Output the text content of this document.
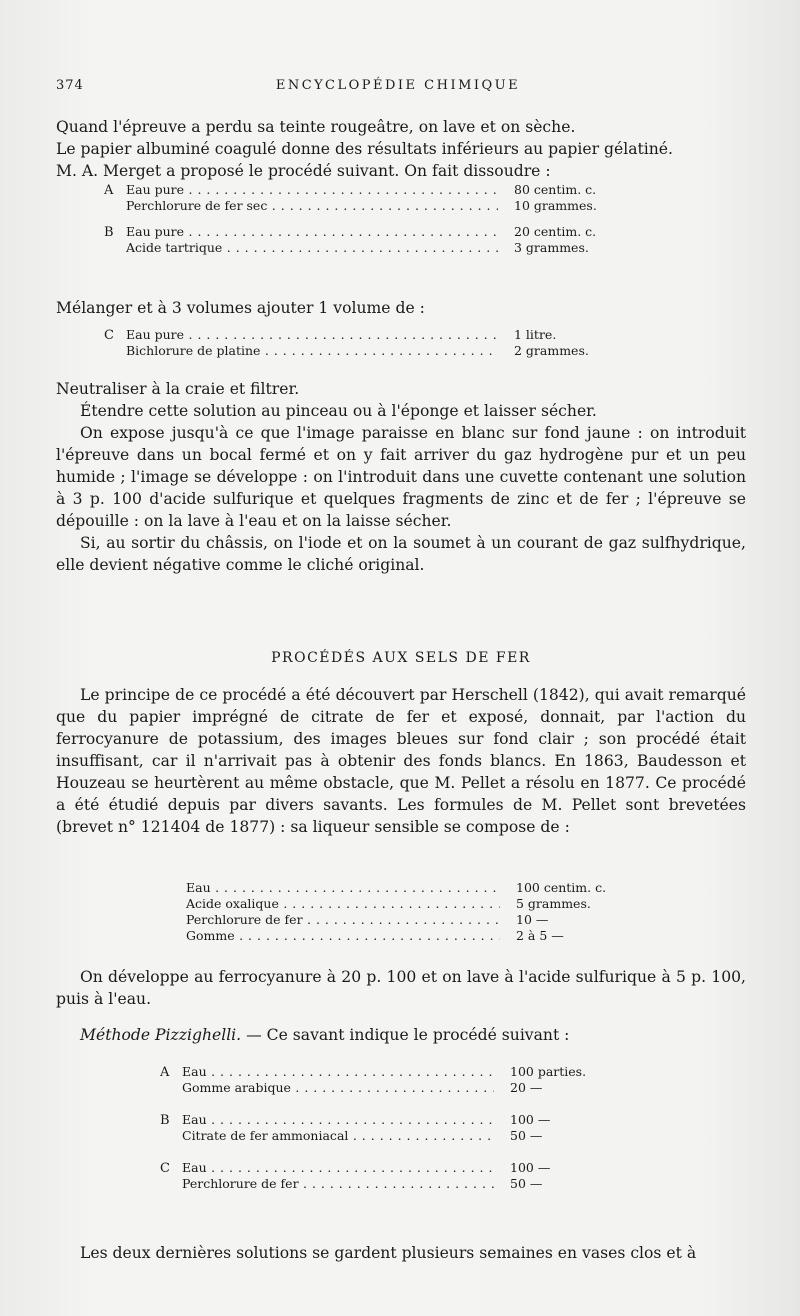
374	ENCYCLOPÉDIE CHIMIQUE

Quand l'épreuve a perdu sa teinte rougeâtre, on lave et on sèche.

Le papier albuminé coagulé donne des résultats inférieurs au papier gélatiné.

M. A. Merget a proposé le procédé suivant. On fait dissoudre :

A	Eau pure . . .	80 centim. c.
Perchlorure de fer sec . . .	10 grammes.
B Eau pure . . .	20 centim. c.
Acide tartrique . . .	3 grammes.

Mélanger et à 3 volumes ajouter 1 volume de :

C Eau pure . . .	1 litre.
Bichlorure de platine . . .	2 grammes.

Neutraliser à la craie et filtrer.

Étendre cette solution au pinceau ou à l'éponge et laisser sécher.

On expose jusqu'à ce que l'image paraisse en blanc sur fond jaune : on introduit l'épreuve dans un bocal fermé et on y fait arriver du gaz hydrogène pur et un peu humide ; l'image se développe : on l'introduit dans une cuvette contenant une solution à 3 p. 100 d'acide sulfurique et quelques fragments de zinc et de fer ; l'épreuve se dépouille : on la lave à l'eau et on la laisse sécher.

Si, au sortir du châssis, on l'iode et on la soumet à un courant de gaz sulfhydrique, elle devient négative comme le cliché original.

PROCÉDÉS AUX SELS DE FER

Le principe de ce procédé a été découvert par Herschell (1842), qui avait remarqué que du papier imprégné de citrate de fer et exposé, donnait, par l'action du ferrocyanure de potassium, des images bleues sur fond clair ; son procédé était insuffisant, car il n'arrivait pas à obtenir des fonds blancs. En 1863, Baudesson et Houzeau se heurtèrent au même obstacle, que M. Pellet a résolu en 1877. Ce procédé a été étudié depuis par divers savants. Les formules de M. Pellet sont brevetées (brevet n° 121404 de 1877) : sa liqueur sensible se compose de :

Eau . . .	100 centim. c.
Acide oxalique . . .	5 grammes.
Perchlorure de fer . . .	10 —
Gomme . . .	2 à 5 —

On développe au ferrocyanure à 20 p. 100 et on lave à l'acide sulfurique à 5 p. 100, puis à l'eau.

Méthode Pizzighelli. — Ce savant indique le procédé suivant :

A	Eau . . .	100 parties.
Gomme arabique . . .	20 —
B Eau . . .	100 —
Citrate de fer ammoniacal . . .	50 —
C Eau . . .	100 —
Perchlorure de fer . . .	50 —

Les deux dernières solutions se gardent plusieurs semaines en vases clos et à
